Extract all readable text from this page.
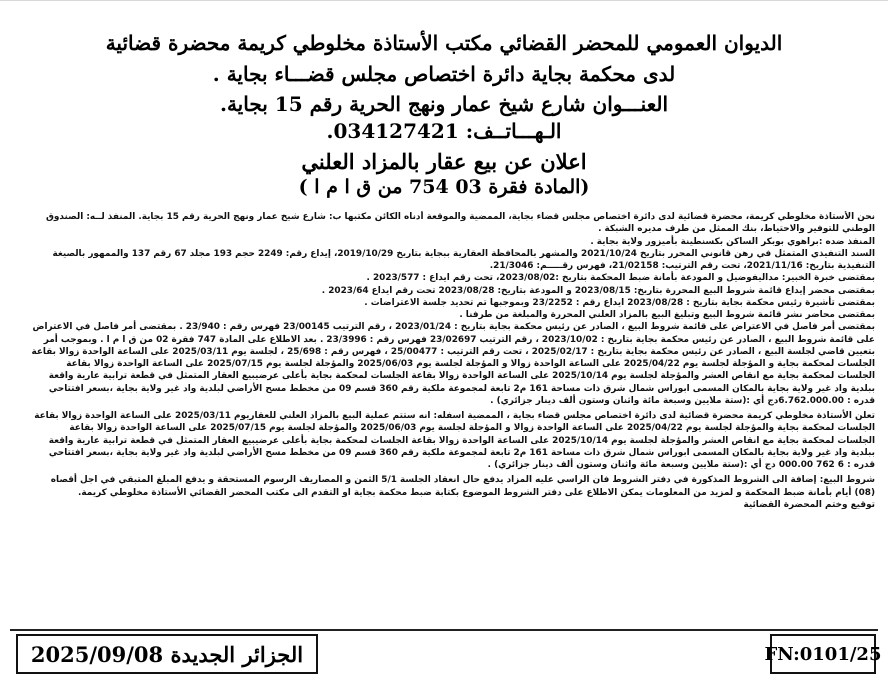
الديوان العمومي للمحضر القضائي مكتب الأستاذة مخلوطي كريمة محضرة قضائية
لدى محكمة بجاية دائرة اختصاص مجلس قضـــاء بجاية .
العنـــوان شارع شيخ عمار ونهج الحرية رقم 15 بجاية.
الـهـــاتــف: 034127421.
اعلان عن بيع عقار بالمزاد العلني
(المادة فقرة 03 754 من ق ا م ا )

نحن الأستاذة مخلوطي كريمة، محضرة قضائية لدى دائرة اختصاص مجلس قضاء بجاية، الممضية والموقعة أدناه الكائن مكتبها ب: شارع شيخ عمار ونهج الحرية رقم 15 بجاية. المنفذ لــه: الصندوق الوطني للتوفير والاحتياط، بنك الممثل من طرف مديره الشبكة .

المنفذ ضده :براهوي بوبكر الساكن بكسنطينة بأميزور ولاية بجاية .

السند التنفيذي المتمثل في رهن قانوني المحرر بتاريخ 2021/10/24 والمشهر بالمحافظة العقارية ببجاية بتاريخ 2019/10/29، إيداع رقم: 2249 حجم 193 مجلد 67 رقم 137 والممهور بالصيغة التنفيذية بتاريخ: 2021/11/16، تحت رقم الترتيب: 21/02158، فهرس رقـــــم: 21/3046.

بمقتضى خبرة الخبير: مداليفوضيل و المودعة بأمانة ضبط المحكمة بتاريخ :2023/08/02، تحت رقم ايداع : 2023/577 .

بمقتضى محضر إيداع قائمة شروط البيع المحررة بتاريخ: 2023/08/15 و المودعة بتاريخ: 2023/08/28 تحت رقم ايداع 2023/64 .

بمقتضى تأشيرة رئيس محكمة بجاية بتاريخ : 2023/08/28 ايداع رقم : 23/2252 وبموجبها تم تحديد جلسة الاعتراضات .

بمقتضى محاضر نشر قائمة شروط البيع وتبليغ البيع بالمزاد العلني المحررة والمبلغة من طرفنا .

بمقتضى أمر فاصل في الاعتراض على قائمة شروط البيع ، الصادر عن رئيس محكمة بجاية بتاريخ : 2023/01/24 ، رقم الترتيب 23/00145 فهرس رقم : 23/940 . بمقتضى أمر فاصل في الاعتراض على قائمة شروط البيع ، الصادر عن رئيس محكمة بجاية بتاريخ : 2023/10/02 ، رقم الترتيب 23/02697 فهرس رقم : 23/3996 . بعد الاطلاع على المادة 747 فقرة 02 من ق ا م ا . وبموجب أمر بتعيين قاضي لجلسة البيع ، الصادر عن رئيس محكمة بجاية بتاريخ : 2025/02/17 ، تحت رقم الترتيب : 25/00477 ، فهرس رقم : 25/698 ، لجلسة يوم 2025/03/11 على الساعة الواحدة زوالا بقاعة الجلسات لمحكمة بجاية و المؤجلة لجلسة يوم 2025/04/22 على الساعة الواحدة زوالا و المؤجلة لجلسة يوم 2025/06/03 والمؤجلة لجلسة يوم 2025/07/15 على الساعة الواحدة زوالا بقاعة الجلسات لمحكمة بجاية مع انقاص العشر والمؤجلة لجلسة يوم 2025/10/14 على الساعة الواحدة زوالا بقاعة الجلسات لمحكمة بجاية بأعلى عرضيبيع العقار المتمثل في قطعة ترابية عارية واقعة ببلدية واد غير ولاية بجاية بالمكان المسمى ابوراس شمال شرق ذات مساحة 161 م2 تابعة لمجموعة ملكية رقم 360 قسم 09 من مخطط مسح الأراضي لبلدية واد غير ولاية بجاية ،بسعر افتتاحي قدره : 6.762.000.00دج أي :(ستة ملايين وسبعة مائة واثنان وستون ألف دينار جزائري) .

تعلن الأستاذة مخلوطي كريمة محضرة قضائية لدى دائرة اختصاص مجلس قضاء بجاية ، الممضية اسفله: انه ستتم عملية البيع بالمزاد العلني للعقاريوم 2025/03/11 على الساعة الواحدة زوالا بقاعة الجلسات لمحكمة بجاية والمؤجلة لجلسة يوم 2025/04/22 على الساعة الواحدة زوالا و المؤجلة لجلسة يوم 2025/06/03 والمؤجلة لجلسة يوم 2025/07/15 على الساعة الواحدة زوالا بقاعة الجلسات لمحكمة بجاية مع انقاص العشر والمؤجلة لجلسة يوم 2025/10/14 على الساعة الواحدة زوالا بقاعة الجلسات لمحكمة بجاية بأعلى عرضيبيع العقار المتمثل في قطعة ترابية عارية واقعة ببلدية واد غير ولاية بجاية بالمكان المسمى ابوراس شمال شرق ذات مساحة 161 م2 تابعة لمجموعة ملكية رقم 360 قسم 09 من مخطط مسح الأراضي لبلدية واد غير ولاية بجاية ،بسعر افتتاحي قدره : 6 762 000.00 دج أي :(ستة ملايين وسبعة مائة واثنان وستون ألف دينار جزائري) .

شروط البيع: إضافة الى الشروط المذكورة في دفتر الشروط فان الراسي عليه المزاد يدفع حال انعقاد الجلسة 5/1 الثمن و المصاريف الرسوم المستحقة و يدفع المبلغ المتبقي في اجل أقصاه (08) أيام بأمانة ضبط المحكمة و لمزيد من المعلومات يمكن الاطلاع على دفتر الشروط الموضوع بكتابة ضبط محكمة بجاية او التقدم الى مكتب المحضر القضائي الأستاذة مخلوطي كريمة.

توقيع وختم المحضرة القضائية

الجزائر الجديدة 2025/09/08	FN:0101/25
